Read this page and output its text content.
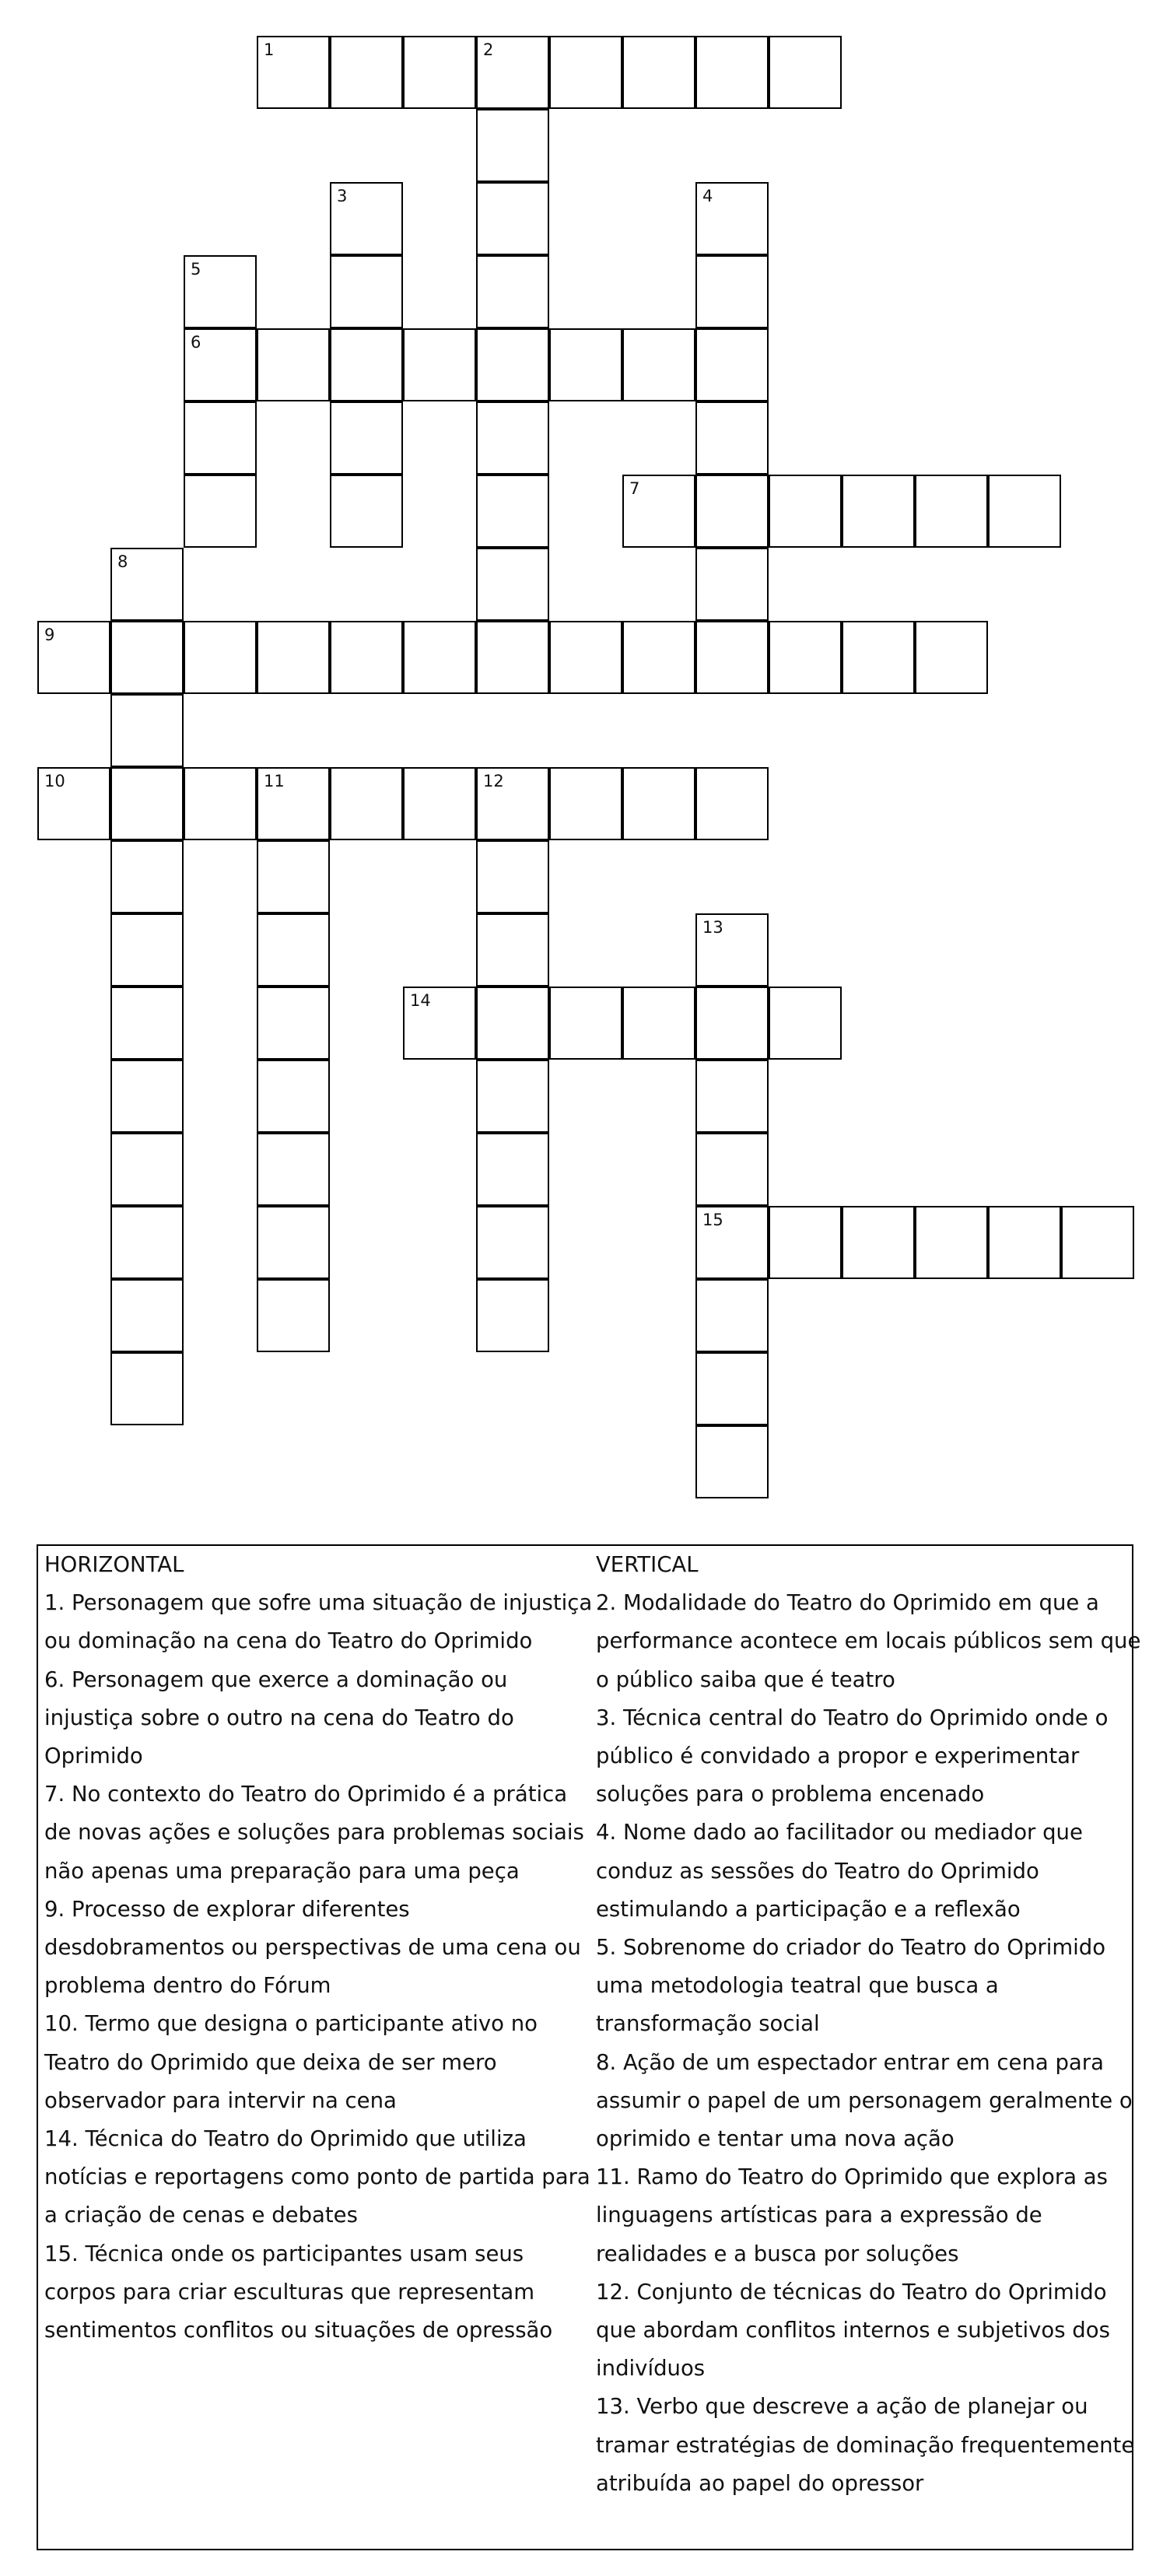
1	2
3	4
5
6
7
8
9
10	11	12
13
14
15
HORIZONTAL
1. Personagem que sofre uma situação de injustiça
ou dominação na cena do Teatro do Oprimido
6. Personagem que exerce a dominação ou
injustiça sobre o outro na cena do Teatro do
Oprimido
7. No contexto do Teatro do Oprimido é a prática
de novas ações e soluções para problemas sociais
não apenas uma preparação para uma peça
9. Processo de explorar diferentes
desdobramentos ou perspectivas de uma cena ou
problema dentro do Fórum
10. Termo que designa o participante ativo no
Teatro do Oprimido que deixa de ser mero
observador para intervir na cena
14. Técnica do Teatro do Oprimido que utiliza
notícias e reportagens como ponto de partida para
a criação de cenas e debates
15. Técnica onde os participantes usam seus
corpos para criar esculturas que representam
sentimentos conflitos ou situações de opressão
VERTICAL
2. Modalidade do Teatro do Oprimido em que a
performance acontece em locais públicos sem que
o público saiba que é teatro
3. Técnica central do Teatro do Oprimido onde o
público é convidado a propor e experimentar
soluções para o problema encenado
4. Nome dado ao facilitador ou mediador que
conduz as sessões do Teatro do Oprimido
estimulando a participação e a reflexão
5. Sobrenome do criador do Teatro do Oprimido
uma metodologia teatral que busca a
transformação social
8. Ação de um espectador entrar em cena para
assumir o papel de um personagem geralmente o
oprimido e tentar uma nova ação
11. Ramo do Teatro do Oprimido que explora as
linguagens artísticas para a expressão de
realidades e a busca por soluções
12. Conjunto de técnicas do Teatro do Oprimido
que abordam conflitos internos e subjetivos dos
indivíduos
13. Verbo que descreve a ação de planejar ou
tramar estratégias de dominação frequentemente
atribuída ao papel do opressor
